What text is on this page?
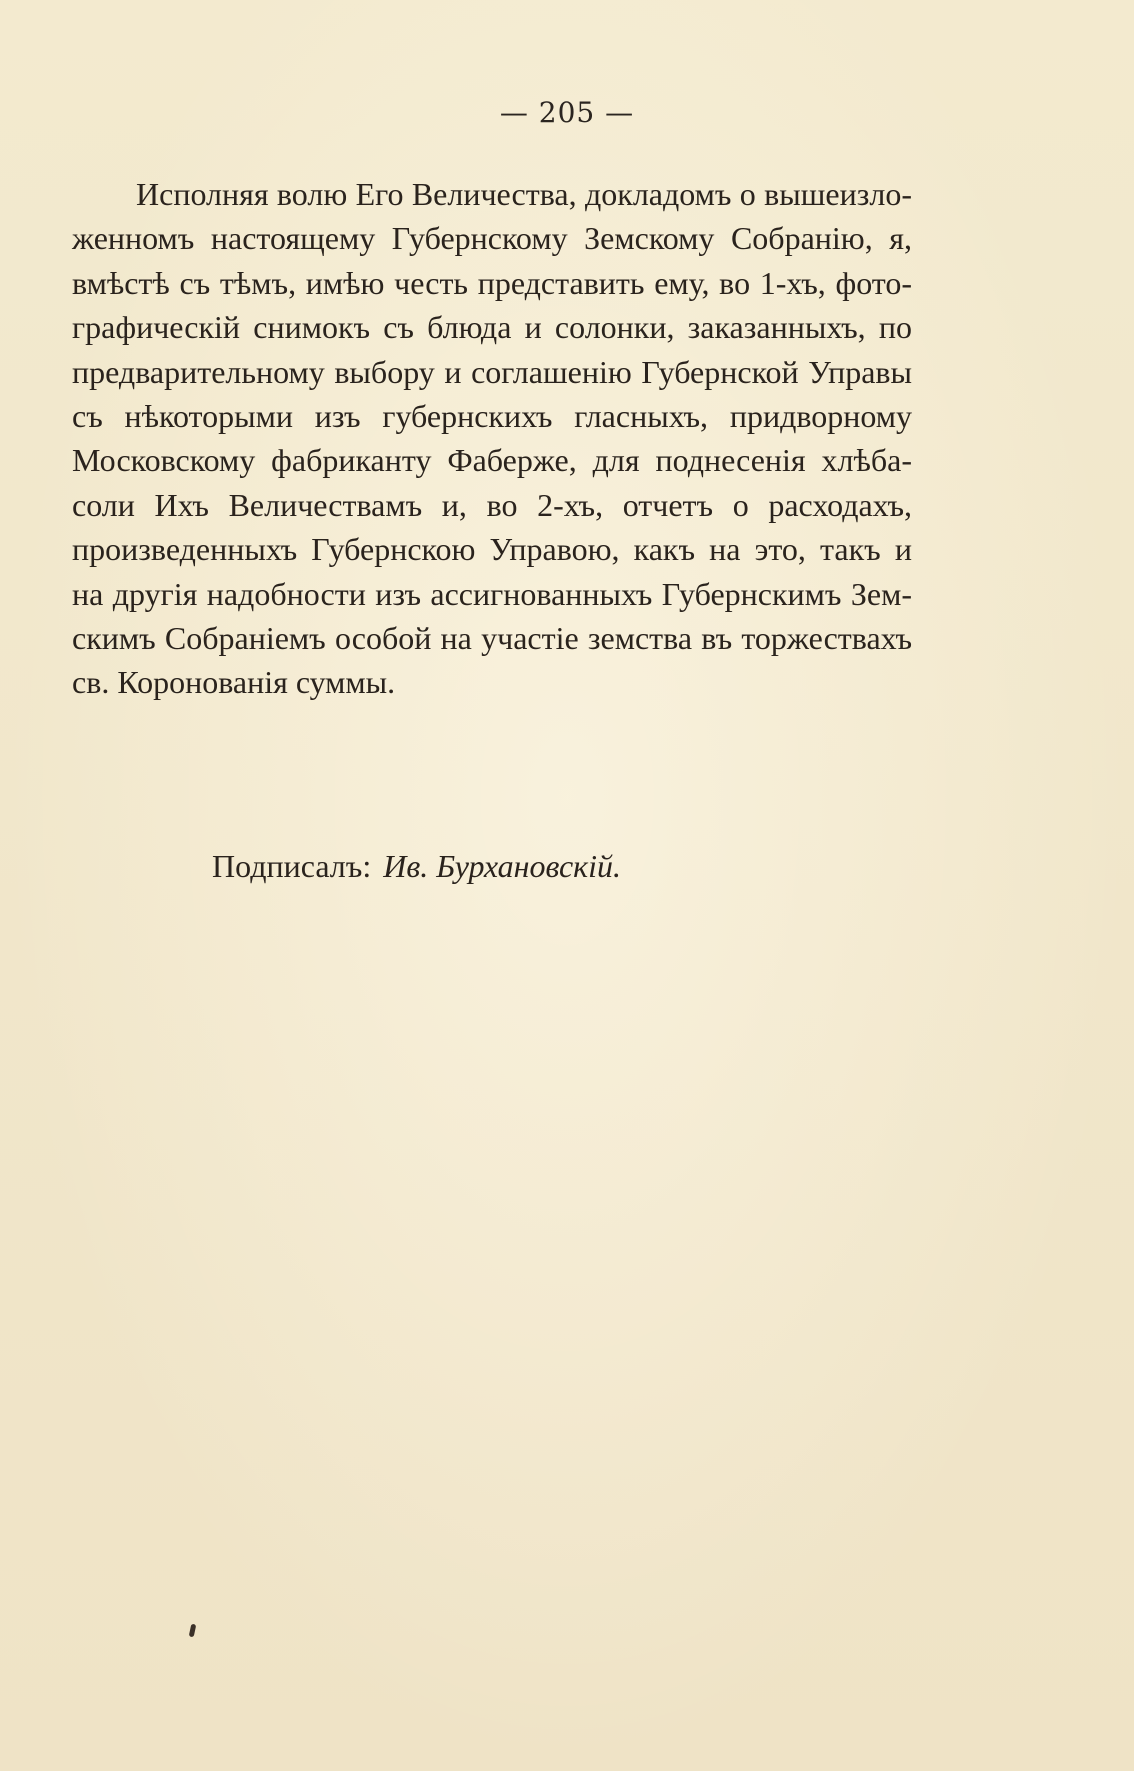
— 205 —
Исполняя волю Его Величества, докладомъ о вышеизло-
женномъ настоящему Губернскому Земскому Собранію, я,
вмѣстѣ съ тѣмъ, имѣю честь представить ему, во 1-хъ, фото-
графическій снимокъ съ блюда и солонки, заказанныхъ, по
предварительному выбору и соглашенію Губернской Управы
съ нѣкоторыми изъ губернскихъ гласныхъ, придворному
Московскому фабриканту Фаберже, для поднесенія хлѣба-
соли Ихъ Величествамъ и, во 2-хъ, отчетъ о расходахъ,
произведенныхъ Губернскою Управою, какъ на это, такъ и
на другія надобности изъ ассигнованныхъ Губернскимъ Зем-
скимъ Собраніемъ особой на участіе земства въ торжествахъ
св. Коронованія суммы.
Подписалъ: Ив. Бурхановскій.
